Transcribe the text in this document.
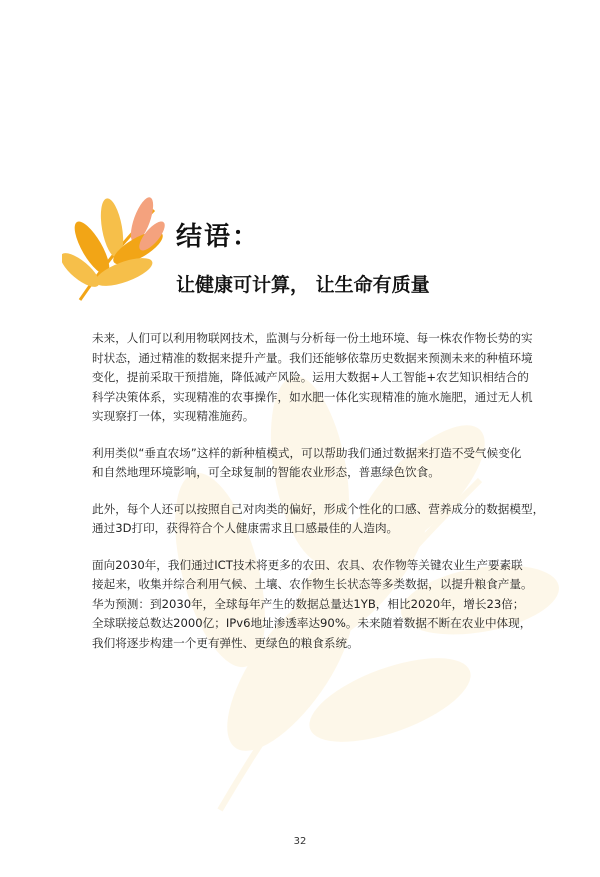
结语：
让健康可计算， 让生命有质量

未来，人们可以利用物联网技术，监测与分析每一份土地环境、每一株农作物长势的实
时状态，通过精准的数据来提升产量。我们还能够依靠历史数据来预测未来的种植环境
变化，提前采取干预措施，降低减产风险。运用大数据+人工智能+农艺知识相结合的
科学决策体系，实现精准的农事操作，如水肥一体化实现精准的施水施肥，通过无人机
实现察打一体，实现精准施药。

利用类似“垂直农场”这样的新种植模式，可以帮助我们通过数据来打造不受气候变化
和自然地理环境影响，可全球复制的智能农业形态，普惠绿色饮食。

此外，每个人还可以按照自己对肉类的偏好，形成个性化的口感、营养成分的数据模型，
通过3D打印，获得符合个人健康需求且口感最佳的人造肉。

面向2030年，我们通过ICT技术将更多的农田、农具、农作物等关键农业生产要素联
接起来，收集并综合利用气候、土壤、农作物生长状态等多类数据，以提升粮食产量。
华为预测：到2030年，全球每年产生的数据总量达1YB，相比2020年，增长23倍；
全球联接总数达2000亿；IPv6地址渗透率达90%。未来随着数据不断在农业中体现，
我们将逐步构建一个更有弹性、更绿色的粮食系统。

32
